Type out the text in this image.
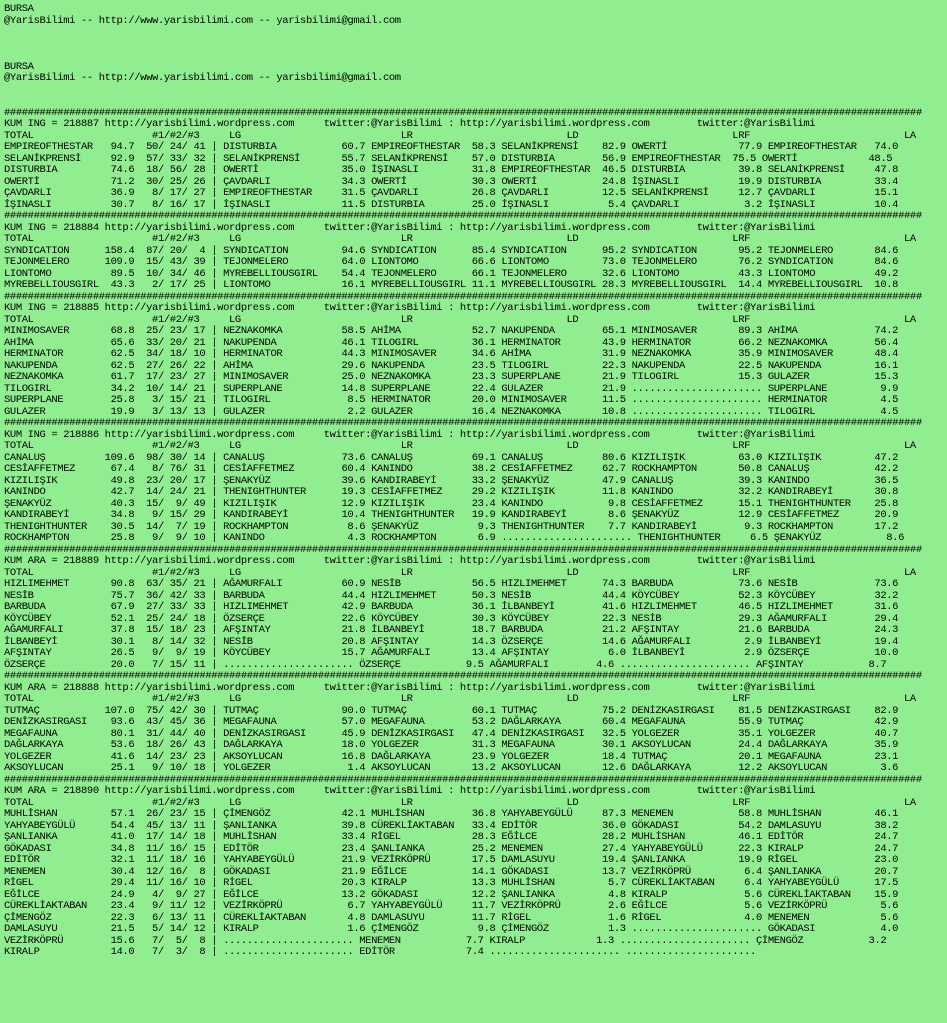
BURSA
@YarisBilimi -- http://www.yarisbilimi.com -- yarisbilimi@gmail.com
BURSA
@YarisBilimi -- http://www.yarisbilimi.com -- yarisbilimi@gmail.com
###########################################################################################################################################################
KUM ING = 218887 http://yarisbilimi.wordpress.com     twitter:@YarisBilimi : http://yarisbilimi.wordpress.com        twitter:@YarisBilimi
TOTAL                    #1/#2/#3     LG                           LR                          LD                          LRF                          LA
EMPIREOFTHESTAR   94.7  50/ 24/ 41 | DISTURBIA           60.7 EMPIREOFTHESTAR  58.3 SELANİKPRENSİ    82.9 OWERTİ            77.9 EMPIREOFTHESTAR   74.0
SELANİKPRENSİ     92.9  57/ 33/ 32 | SELANİKPRENSİ       55.7 SELANİKPRENSİ    57.0 DISTURBIA        56.9 EMPIREOFTHESTAR  75.5 OWERTİ            48.5
DISTURBIA         74.6  18/ 56/ 28 | OWERTİ              35.0 İŞINASLI         31.8 EMPIREOFTHESTAR  46.5 DISTURBIA         39.8 SELANİKPRENSİ     47.8
OWERTİ            71.2  30/ 25/ 26 | ÇAVDARLI            34.3 OWERTİ           30.3 OWERTİ           24.8 İŞINASLI          19.9 DISTURBIA         33.4
ÇAVDARLI          36.9   8/ 17/ 27 | EMPIREOFTHESTAR     31.5 ÇAVDARLI         26.8 ÇAVDARLI         12.5 SELANİKPRENSİ     12.7 ÇAVDARLI          15.1
İŞINASLI          30.7   8/ 16/ 17 | İŞINASLI            11.5 DISTURBIA        25.0 İŞINASLI          5.4 ÇAVDARLI           3.2 İŞINASLI          10.4
###########################################################################################################################################################
KUM ING = 218884 http://yarisbilimi.wordpress.com     twitter:@YarisBilimi : http://yarisbilimi.wordpress.com        twitter:@YarisBilimi
TOTAL                    #1/#2/#3     LG                           LR                          LD                          LRF                          LA
SYNDICATION      158.4  87/ 20/  4 | SYNDICATION         94.6 SYNDICATION      85.4 SYNDICATION      95.2 SYNDICATION       95.2 TEJONMELERO       84.6
TEJONMELERO      109.9  15/ 43/ 39 | TEJONMELERO         64.0 LIONTOMO         66.6 LIONTOMO         73.0 TEJONMELERO       76.2 SYNDICATION       84.6
LIONTOMO          89.5  10/ 34/ 46 | MYREBELLIOUSGIRL    54.4 TEJONMELERO      66.1 TEJONMELERO      32.6 LIONTOMO          43.3 LIONTOMO          49.2
MYREBELLIOUSGIRL  43.3   2/ 17/ 25 | LIONTOMO            16.1 MYREBELLIOUSGIRL 11.1 MYREBELLIOUSGIRL 28.3 MYREBELLIOUSGIRL  14.4 MYREBELLIOUSGIRL  10.8
###########################################################################################################################################################
KUM ING = 218885 http://yarisbilimi.wordpress.com     twitter:@YarisBilimi : http://yarisbilimi.wordpress.com        twitter:@YarisBilimi
TOTAL                    #1/#2/#3     LG                           LR                          LD                          LRF                          LA
MINIMOSAVER       68.8  25/ 23/ 17 | NEZNAKOMKA          58.5 AHİMA            52.7 NAKUPENDA        65.1 MINIMOSAVER       89.3 AHİMA             74.2
AHİMA             65.6  33/ 20/ 21 | NAKUPENDA           46.1 TILOGIRL         36.1 HERMINATOR       43.9 HERMINATOR        66.2 NEZNAKOMKA        56.4
HERMINATOR        62.5  34/ 18/ 10 | HERMINATOR          44.3 MINIMOSAVER      34.6 AHİMA            31.9 NEZNAKOMKA        35.9 MINIMOSAVER       48.4
NAKUPENDA         62.5  27/ 26/ 22 | AHİMA               29.6 NAKUPENDA        23.5 TILOGIRL         22.3 NAKUPENDA         22.5 NAKUPENDA         16.1
NEZNAKOMKA        61.7  17/ 23/ 27 | MINIMOSAVER         25.0 NEZNAKOMKA       23.3 SUPERPLANE       21.9 TILOGIRL          15.3 GULAZER           15.3
TILOGIRL          34.2  10/ 14/ 21 | SUPERPLANE          14.8 SUPERPLANE       22.4 GULAZER          21.9 ...................... SUPERPLANE         9.9
SUPERPLANE        25.8   3/ 15/ 21 | TILOGIRL             8.5 HERMINATOR       20.0 MINIMOSAVER      11.5 ...................... HERMINATOR         4.5
GULAZER           19.9   3/ 13/ 13 | GULAZER              2.2 GULAZER          16.4 NEZNAKOMKA       10.8 ...................... TILOGIRL           4.5
###########################################################################################################################################################
KUM ING = 218886 http://yarisbilimi.wordpress.com     twitter:@YarisBilimi : http://yarisbilimi.wordpress.com        twitter:@YarisBilimi
TOTAL                    #1/#2/#3     LG                           LR                          LD                          LRF                          LA
CANALUŞ          109.6  98/ 30/ 14 | CANALUŞ             73.6 CANALUŞ          69.1 CANALUŞ          80.6 KIZILIŞIK         63.0 KIZILIŞIK         47.2
CESİAFFETMEZ      67.4   8/ 76/ 31 | CESİAFFETMEZ        60.4 KANINDO          38.2 CESİAFFETMEZ     62.7 ROCKHAMPTON       50.8 CANALUŞ           42.2
KIZILIŞIK         49.8  23/ 20/ 17 | ŞENAKYÜZ            39.6 KANDIRABEYİ      33.2 ŞENAKYÜZ         47.9 CANALUŞ           39.3 KANINDO           36.5
KANINDO           42.7  14/ 24/ 21 | THENIGHTHUNTER      19.3 CESİAFFETMEZ     29.2 KIZILIŞIK        11.8 KANINDO           32.2 KANDIRABEYİ       30.8
ŞENAKYÜZ          40.3  15/  9/ 49 | KIZILIŞIK           12.9 KIZILIŞIK        23.4 KANINDO           9.8 CESİAFFETMEZ      15.1 THENIGHTHUNTER    25.8
KANDIRABEYİ       34.8   9/ 15/ 29 | KANDIRABEYİ         10.4 THENIGHTHUNTER   19.9 KANDIRABEYİ       8.6 ŞENAKYÜZ          12.9 CESİAFFETMEZ      20.9
THENIGHTHUNTER    30.5  14/  7/ 19 | ROCKHAMPTON          8.6 ŞENAKYÜZ          9.3 THENIGHTHUNTER    7.7 KANDIRABEYİ        9.3 ROCKHAMPTON       17.2
ROCKHAMPTON       25.8   9/  9/ 10 | KANINDO              4.3 ROCKHAMPTON       6.9 ...................... THENIGHTHUNTER     6.5 ŞENAKYÜZ           8.6
###########################################################################################################################################################
KUM ARA = 218889 http://yarisbilimi.wordpress.com     twitter:@YarisBilimi : http://yarisbilimi.wordpress.com        twitter:@YarisBilimi
TOTAL                    #1/#2/#3     LG                           LR                          LD                          LRF                          LA
HIZLIMEHMET       90.8  63/ 35/ 21 | AĞAMURFALI          60.9 NESİB            56.5 HIZLIMEHMET      74.3 BARBUDA           73.6 NESİB             73.6
NESİB             75.7  36/ 42/ 33 | BARBUDA             44.4 HIZLIMEHMET      50.3 NESİB            44.4 KÖYCÜBEY          52.3 KÖYCÜBEY          32.2
BARBUDA           67.9  27/ 33/ 33 | HIZLIMEHMET         42.9 BARBUDA          36.1 İLBANBEYİ        41.6 HIZLIMEHMET       46.5 HIZLIMEHMET       31.6
KÖYCÜBEY          52.1  25/ 24/ 18 | ÖZSERÇE             22.6 KÖYCÜBEY         30.3 KÖYCÜBEY         22.3 NESİB             29.3 AĞAMURFALI        29.4
AĞAMURFALI        37.8  15/ 18/ 23 | AFŞINTAY            21.8 İLBANBEYİ        18.7 BARBUDA          21.2 AFŞINTAY          21.6 BARBUDA           24.3
İLBANBEYİ         30.1   8/ 14/ 32 | NESİB               20.8 AFŞINTAY         14.3 ÖZSERÇE          14.6 AĞAMURFALI         2.9 İLBANBEYİ         19.4
AFŞINTAY          26.5   9/  9/ 19 | KÖYCÜBEY            15.7 AĞAMURFALI       13.4 AFŞINTAY          6.0 İLBANBEYİ          2.9 ÖZSERÇE           10.0
ÖZSERÇE           20.0   7/ 15/ 11 | ...................... ÖZSERÇE           9.5 AĞAMURFALI        4.6 ...................... AFŞINTAY           8.7
###########################################################################################################################################################
KUM ARA = 218888 http://yarisbilimi.wordpress.com     twitter:@YarisBilimi : http://yarisbilimi.wordpress.com        twitter:@YarisBilimi
TOTAL                    #1/#2/#3     LG                           LR                          LD                          LRF                          LA
TUTMAÇ           107.0  75/ 42/ 30 | TUTMAÇ              90.0 TUTMAÇ           60.1 TUTMAÇ           75.2 DENİZKASIRGASI    81.5 DENİZKASIRGASI    82.9
DENİZKASIRGASI    93.6  43/ 45/ 36 | MEGAFAUNA           57.0 MEGAFAUNA        53.2 DAĞLARKAYA       60.4 MEGAFAUNA         55.9 TUTMAÇ            42.9
MEGAFAUNA         80.1  31/ 44/ 40 | DENİZKASIRGASI      45.9 DENİZKASIRGASI   47.4 DENİZKASIRGASI   32.5 YOLGEZER          35.1 YOLGEZER          40.7
DAĞLARKAYA        53.6  18/ 26/ 43 | DAĞLARKAYA          18.0 YOLGEZER         31.3 MEGAFAUNA        30.1 AKSOYLUCAN        24.4 DAĞLARKAYA        35.9
YOLGEZER          41.6  14/ 23/ 23 | AKSOYLUCAN          16.8 DAĞLARKAYA       23.9 YOLGEZER         18.4 TUTMAÇ            20.1 MEGAFAUNA         23.1
AKSOYLUCAN        25.1   9/ 10/ 18 | YOLGEZER             1.4 AKSOYLUCAN       13.2 AKSOYLUCAN       12.6 DAĞLARKAYA        12.2 AKSOYLUCAN         3.6
###########################################################################################################################################################
KUM ARA = 218890 http://yarisbilimi.wordpress.com     twitter:@YarisBilimi : http://yarisbilimi.wordpress.com        twitter:@YarisBilimi
TOTAL                    #1/#2/#3     LG                           LR                          LD                          LRF                          LA
MUHLİSHAN         57.1  26/ 23/ 15 | ÇİMENGÖZ            42.1 MUHLİSHAN        36.8 YAHYABEYGÜLÜ     87.3 MENEMEN           58.8 MUHLİSHAN         46.1
YAHYABEYGÜLÜ      54.4  45/ 13/ 11 | ŞANLIANKA           39.8 CÜREKLİAKTABAN   33.4 EDİTÖR           36.0 GÖKADASI          54.2 DAMLASUYU         38.2
ŞANLIANKA         41.0  17/ 14/ 18 | MUHLİSHAN           33.4 RİGEL            28.3 EĞİLCE           28.2 MUHLİSHAN         46.1 EDİTÖR            24.7
GÖKADASI          34.8  11/ 16/ 15 | EDİTÖR              23.4 ŞANLIANKA        25.2 MENEMEN          27.4 YAHYABEYGÜLÜ      22.3 KIRALP            24.7
EDİTÖR            32.1  11/ 18/ 16 | YAHYABEYGÜLÜ        21.9 VEZİRKÖPRÜ       17.5 DAMLASUYU        19.4 ŞANLIANKA         19.9 RİGEL             23.0
MENEMEN           30.4  12/ 16/  8 | GÖKADASI            21.9 EĞİLCE           14.1 GÖKADASI         13.7 VEZİRKÖPRÜ         6.4 ŞANLIANKA         20.7
RİGEL             29.4  11/ 16/ 10 | RİGEL               20.3 KIRALP           13.3 MUHLİSHAN         5.7 CÜREKLİAKTABAN     6.4 YAHYABEYGÜLÜ      17.5
EĞİLCE            24.9   4/  9/ 27 | EĞİLCE              13.2 GÖKADASI         12.2 ŞANLIANKA         4.8 KIRALP             5.6 CÜREKLİAKTABAN    15.9
CÜREKLİAKTABAN    23.4   9/ 11/ 12 | VEZİRKÖPRÜ           6.7 YAHYABEYGÜLÜ     11.7 VEZİRKÖPRÜ        2.6 EĞİLCE             5.6 VEZİRKÖPRÜ         5.6
ÇİMENGÖZ          22.3   6/ 13/ 11 | CÜREKLİAKTABAN       4.8 DAMLASUYU        11.7 RİGEL             1.6 RİGEL              4.0 MENEMEN            5.6
DAMLASUYU         21.5   5/ 14/ 12 | KIRALP               1.6 ÇİMENGÖZ          9.8 ÇİMENGÖZ          1.3 ...................... GÖKADASI           4.0
VEZİRKÖPRÜ        15.6   7/  5/  8 | ...................... MENEMEN           7.7 KIRALP            1.3 ...................... ÇİMENGÖZ           3.2
KIRALP            14.0   7/  3/  8 | ...................... EDİTÖR            7.4 ...................... ......................
